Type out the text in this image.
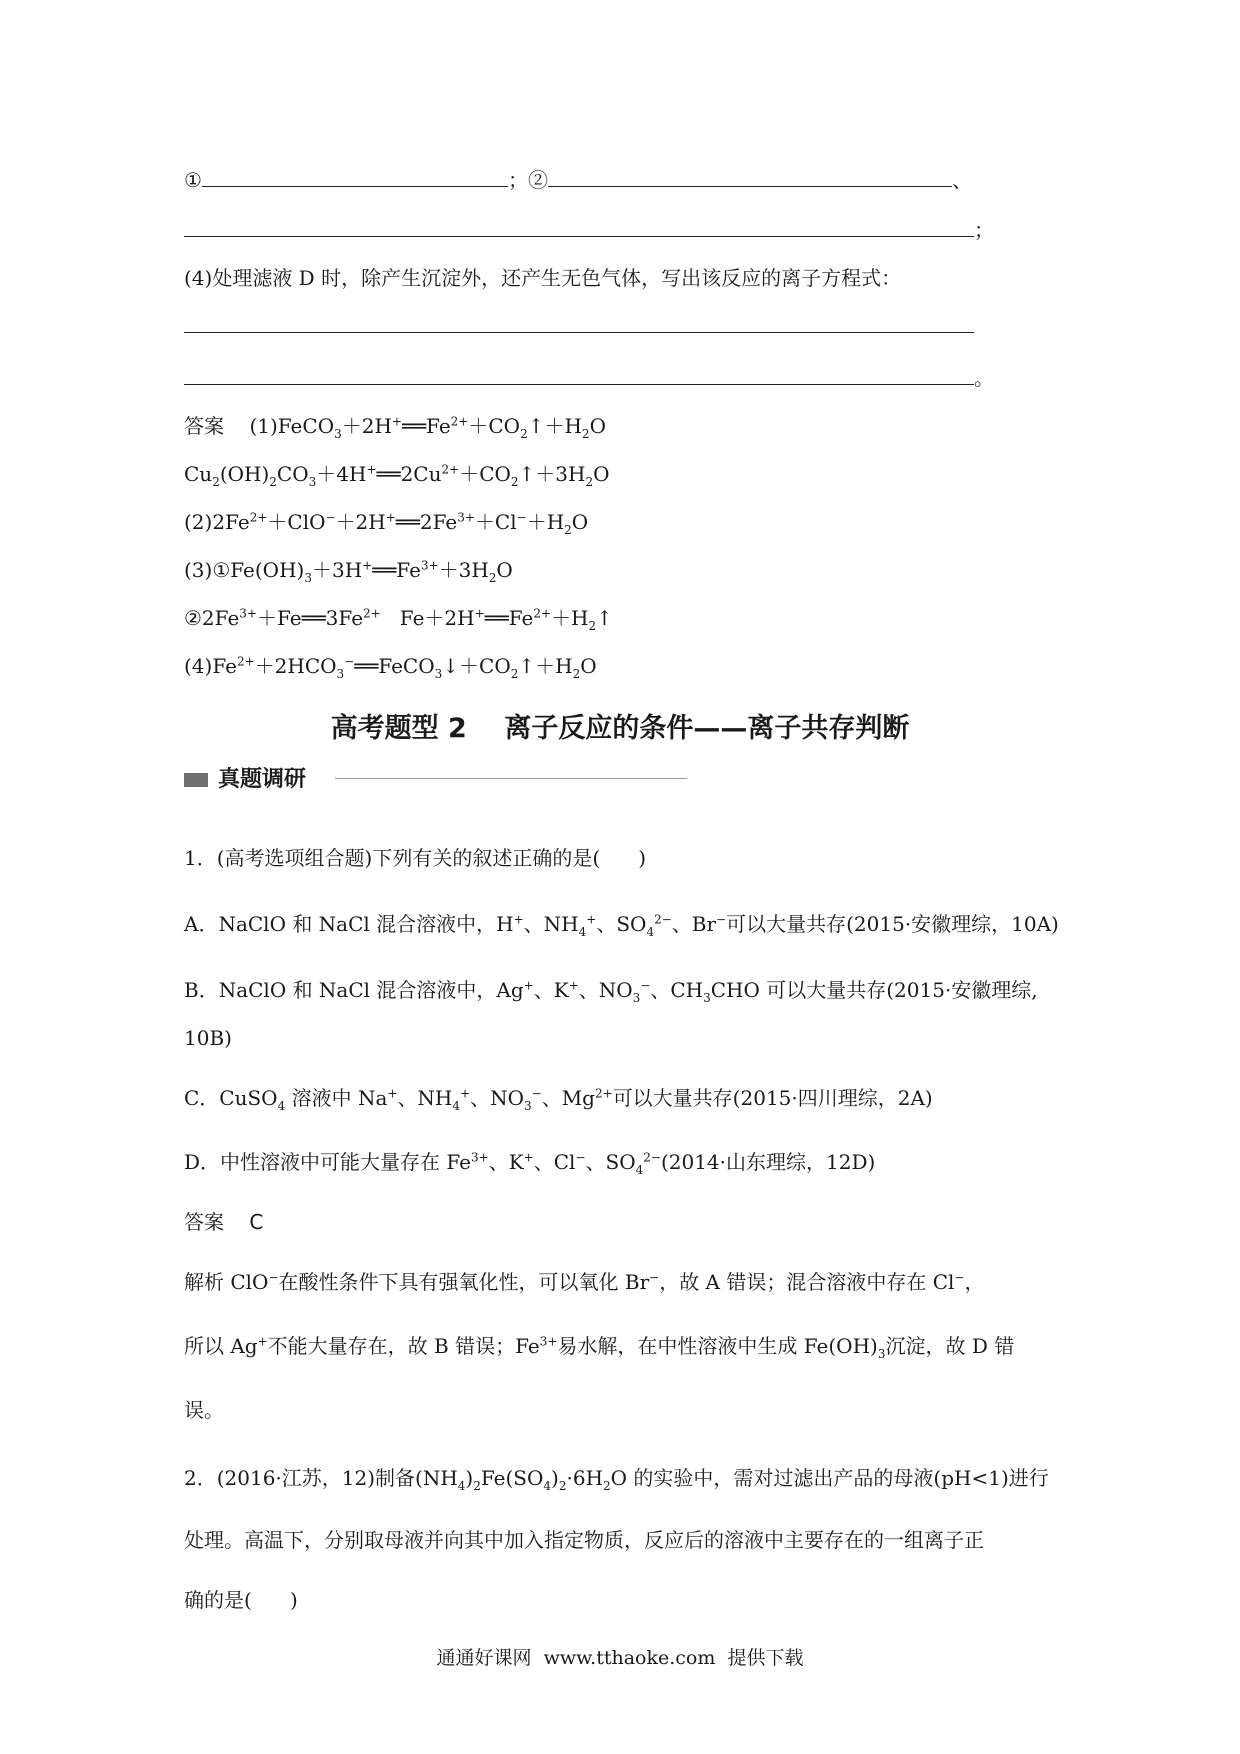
①	；②	、
；
(4)处理滤液 D 时，除产生沉淀外，还产生无色气体，写出该反应的离子方程式：
。
答案 $(1)FeCO_3+2H^+══Fe^{2+}+CO_2↑+H_2O$
$Cu_2(OH)_2CO_3+4H^+══2Cu^{2+}+CO_2↑+3H_2O$
$(2)2Fe^{2+}+ClO^-+2H^+══2Fe^{3+}+Cl^-+H_2O$
$(3)①Fe(OH)_3+3H^+══Fe^{3+}+3H_2O$
$②2Fe^{3+}+Fe══3Fe^{2+}$   $Fe+2H^+══Fe^{2+}+H_2↑$
$(4)Fe^{2+}+2HCO_3^-══FeCO_3↓+CO_2↑+H_2O$
高考题型 2    离子反应的条件——离子共存判断
真题调研
1．(高考选项组合题)下列有关的叙述正确的是(      )
A．NaClO 和 NaCl 混合溶液中，H+、$NH_4^+$、$SO_4^{2-}$、Br−可以大量共存(2015·安徽理综，10A)
B．NaClO 和 NaCl 混合溶液中，Ag+、K+、$NO_3^-$、$CH_3CHO$ 可以大量共存(2015·安徽理综,
10B)
C．CuSO$_4$ 溶液中 Na+、$NH_4^+$、$NO_3^-$、$Mg^{2+}$可以大量共存(2015·四川理综，2A)
D．中性溶液中可能大量存在 $Fe^{3+}$、K+、Cl−、$SO_4^{2-}(2014\cdot$山东理综，12D)
答案    C
解析 ClO−在酸性条件下具有强氧化性，可以氧化 Br−，故 A 错误；混合溶液中存在 Cl−，
所以 Ag+不能大量存在，故 B 错误；$Fe^{3+}$易水解，在中性溶液中生成 $Fe(OH)_3$沉淀，故 D 错
误。
2．(2016·江苏，12)制备$(NH_4)_2Fe(SO_4)_2\cdot 6H_2O$ 的实验中，需对过滤出产品的母液(pH<1)进行
处理。高温下，分别取母液并向其中加入指定物质，反应后的溶液中主要存在的一组离子正
确的是(      )
通通好课网  www.tthaoke.com  提供下载
